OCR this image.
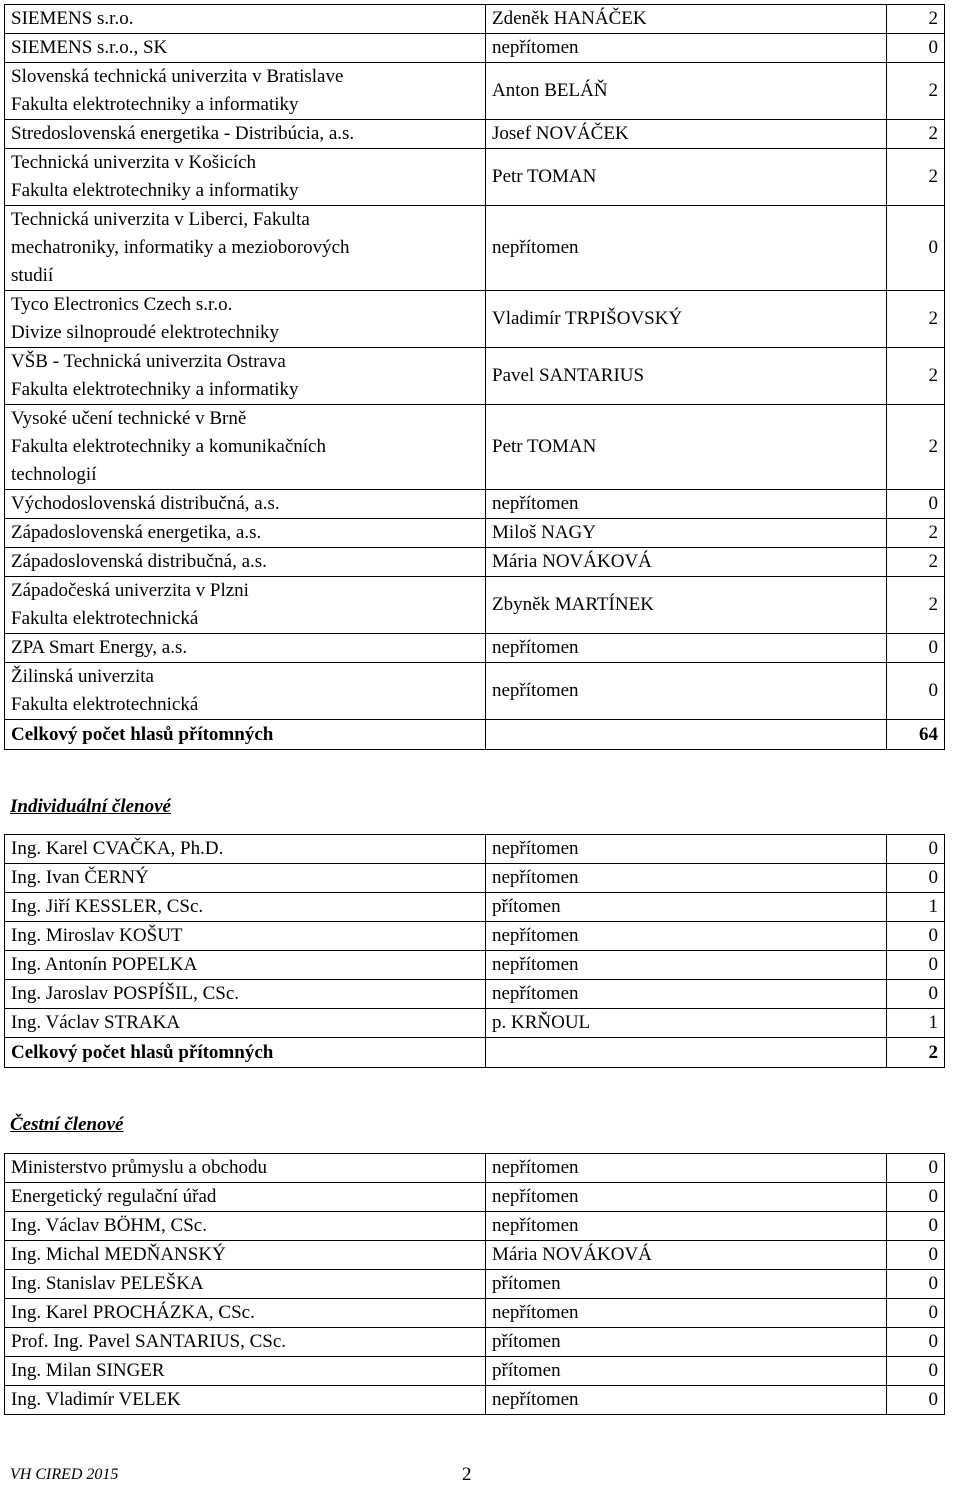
SIEMENS s.r.o.	Zdeněk HANÁČEK	2

SIEMENS s.r.o., SK	nepřítomen	0

Slovenská technická univerzita v Bratislave
Fakulta elektrotechniky a informatiky	Anton BELÁŇ	2

Stredoslovenská energetika - Distribúcia, a.s.	Josef NOVÁČEK	2

Technická univerzita v Košicích
Fakulta elektrotechniky a informatiky	Petr TOMAN	2

Technická univerzita v Liberci, Fakulta
mechatroniky, informatiky a mezioborových
studií	nepřítomen	0

Tyco Electronics Czech s.r.o.
Divize silnoproudé elektrotechniky	Vladimír TRPIŠOVSKÝ	2

VŠB - Technická univerzita Ostrava
Fakulta elektrotechniky a informatiky	Pavel SANTARIUS	2

Vysoké učení technické v Brně
Fakulta elektrotechniky a komunikačních
technologií	Petr TOMAN	2

Východoslovenská distribučná, a.s.	nepřítomen	0

Západoslovenská energetika, a.s.	Miloš NAGY	2

Západoslovenská distribučná, a.s.	Mária NOVÁKOVÁ	2

Západočeská univerzita v Plzni
Fakulta elektrotechnická	Zbyněk MARTÍNEK	2

ZPA Smart Energy, a.s.	nepřítomen	0

Žilinská univerzita
Fakulta elektrotechnická	nepřítomen	0
Celkový počet hlasů přítomných		64
Individuální členové
Ing. Karel CVAČKA, Ph.D.	nepřítomen	0
Ing. Ivan ČERNÝ	nepřítomen	0
Ing. Jiří KESSLER, CSc.	přítomen	1
Ing. Miroslav KOŠUT	nepřítomen	0
Ing. Antonín POPELKA	nepřítomen	0
Ing. Jaroslav POSPÍŠIL, CSc.	nepřítomen	0
Ing. Václav STRAKA	p. KRŇOUL	1
Celkový počet hlasů přítomných		2
Čestní členové
Ministerstvo průmyslu a obchodu	nepřítomen	0
Energetický regulační úřad	nepřítomen	0
Ing. Václav BÖHM, CSc.	nepřítomen	0
Ing. Michal MEDŇANSKÝ	Mária NOVÁKOVÁ	0
Ing. Stanislav PELEŠKA	přítomen	0
Ing. Karel PROCHÁZKA, CSc.	nepřítomen	0
Prof. Ing. Pavel SANTARIUS, CSc.	přítomen	0
Ing. Milan SINGER	přítomen	0
Ing. Vladimír VELEK	nepřítomen	0
VH CIRED 2015	2
